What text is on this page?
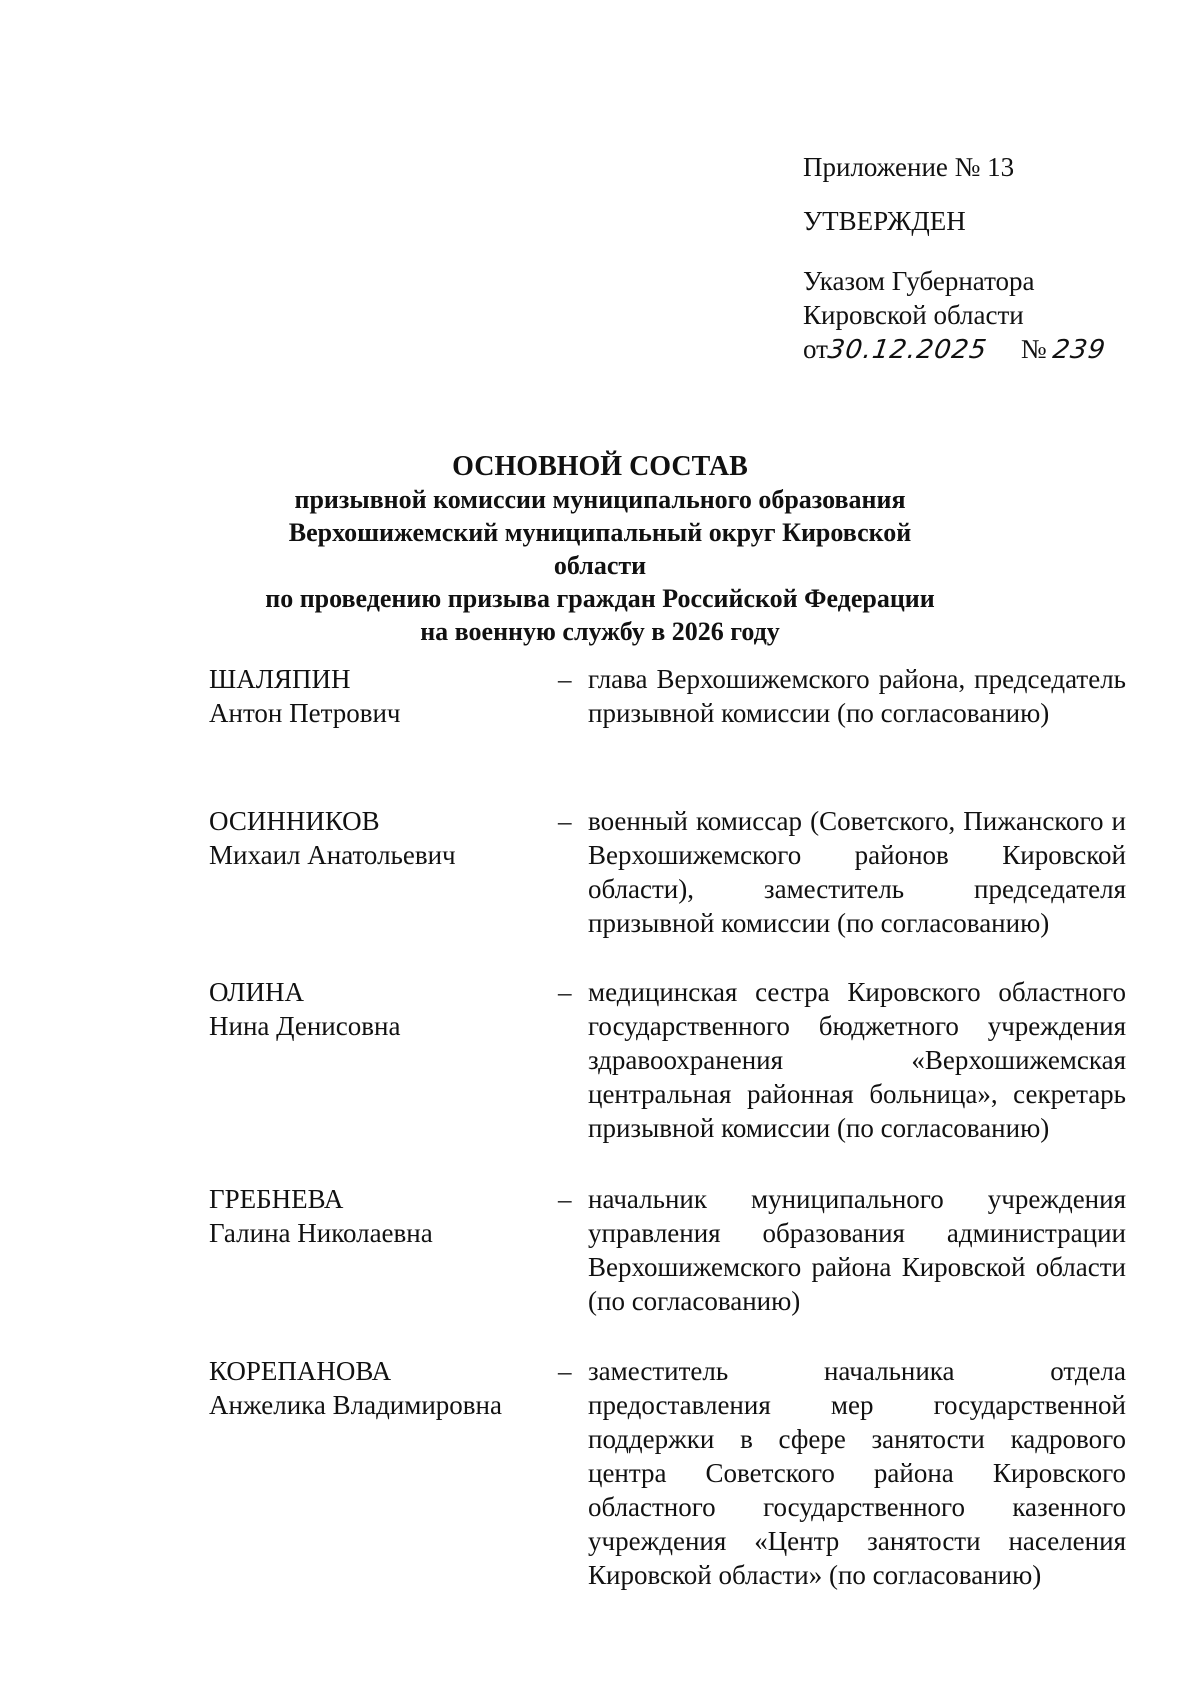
Приложение № 13
УТВЕРЖДЕН
Указом Губернатора
Кировской области
от30.12.2025 № 239
ОСНОВНОЙ СОСТАВ
призывной комиссии муниципального образования
Верхошижемский муниципальный округ Кировской области
по проведению призыва граждан Российской Федерации
на военную службу в 2026 году
ШАЛЯПИН
Антон Петрович
– глава Верхошижемского района, председатель призывной комиссии (по согласованию)
ОСИННИКОВ
Михаил Анатольевич
– военный комиссар (Советского, Пижанского и Верхошижемского районов Кировской области), заместитель председателя призывной комиссии (по согласованию)
ОЛИНА
Нина Денисовна
– медицинская сестра Кировского областного государственного бюджетного учреждения здравоохранения «Верхошижемская центральная районная больница», секретарь призывной комиссии (по согласованию)
ГРЕБНЕВА
Галина Николаевна
– начальник муниципального учреждения управления образования администрации Верхошижемского района Кировской области (по согласованию)
КОРЕПАНОВА
Анжелика Владимировна
– заместитель начальника отдела предоставления мер государственной поддержки в сфере занятости кадрового центра Советского района Кировского областного государственного казенного учреждения «Центр занятости населения Кировской области» (по согласованию)
